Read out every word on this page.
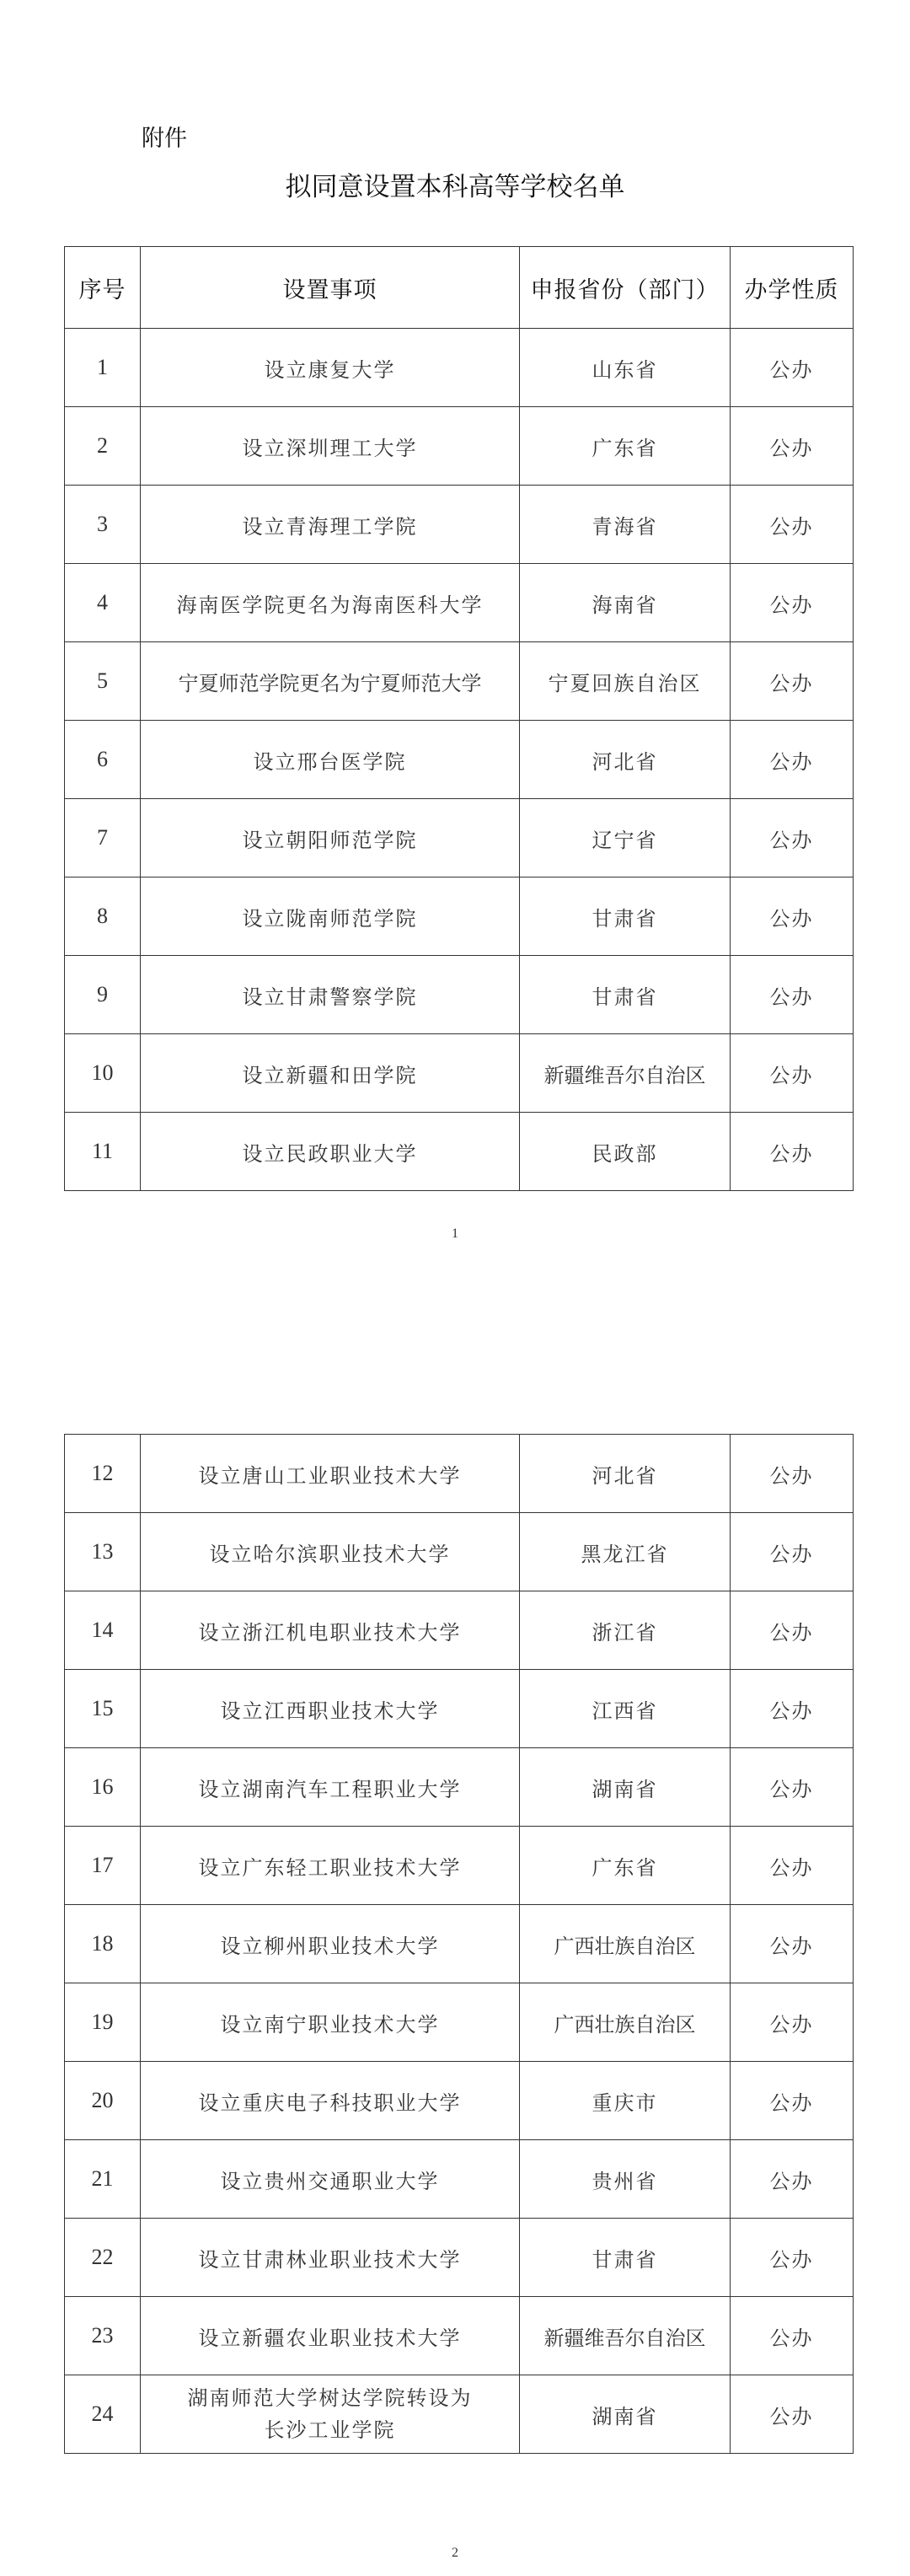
附件
拟同意设置本科高等学校名单
序号	设置事项	申报省份（部门）	办学性质
1	设立康复大学	山东省	公办
2	设立深圳理工大学	广东省	公办
3	设立青海理工学院	青海省	公办
4	海南医学院更名为海南医科大学	海南省	公办
5	宁夏师范学院更名为宁夏师范大学	宁夏回族自治区	公办
6	设立邢台医学院	河北省	公办
7	设立朝阳师范学院	辽宁省	公办
8	设立陇南师范学院	甘肃省	公办
9	设立甘肃警察学院	甘肃省	公办
10	设立新疆和田学院	新疆维吾尔自治区	公办
11	设立民政职业大学	民政部	公办
1
12	设立唐山工业职业技术大学	河北省	公办
13	设立哈尔滨职业技术大学	黑龙江省	公办
14	设立浙江机电职业技术大学	浙江省	公办
15	设立江西职业技术大学	江西省	公办
16	设立湖南汽车工程职业大学	湖南省	公办
17	设立广东轻工职业技术大学	广东省	公办
18	设立柳州职业技术大学	广西壮族自治区	公办
19	设立南宁职业技术大学	广西壮族自治区	公办
20	设立重庆电子科技职业大学	重庆市	公办
21	设立贵州交通职业大学	贵州省	公办
22	设立甘肃林业职业技术大学	甘肃省	公办
23	设立新疆农业职业技术大学	新疆维吾尔自治区	公办
24	湖南师范大学树达学院转设为
长沙工业学院	湖南省	公办
2
